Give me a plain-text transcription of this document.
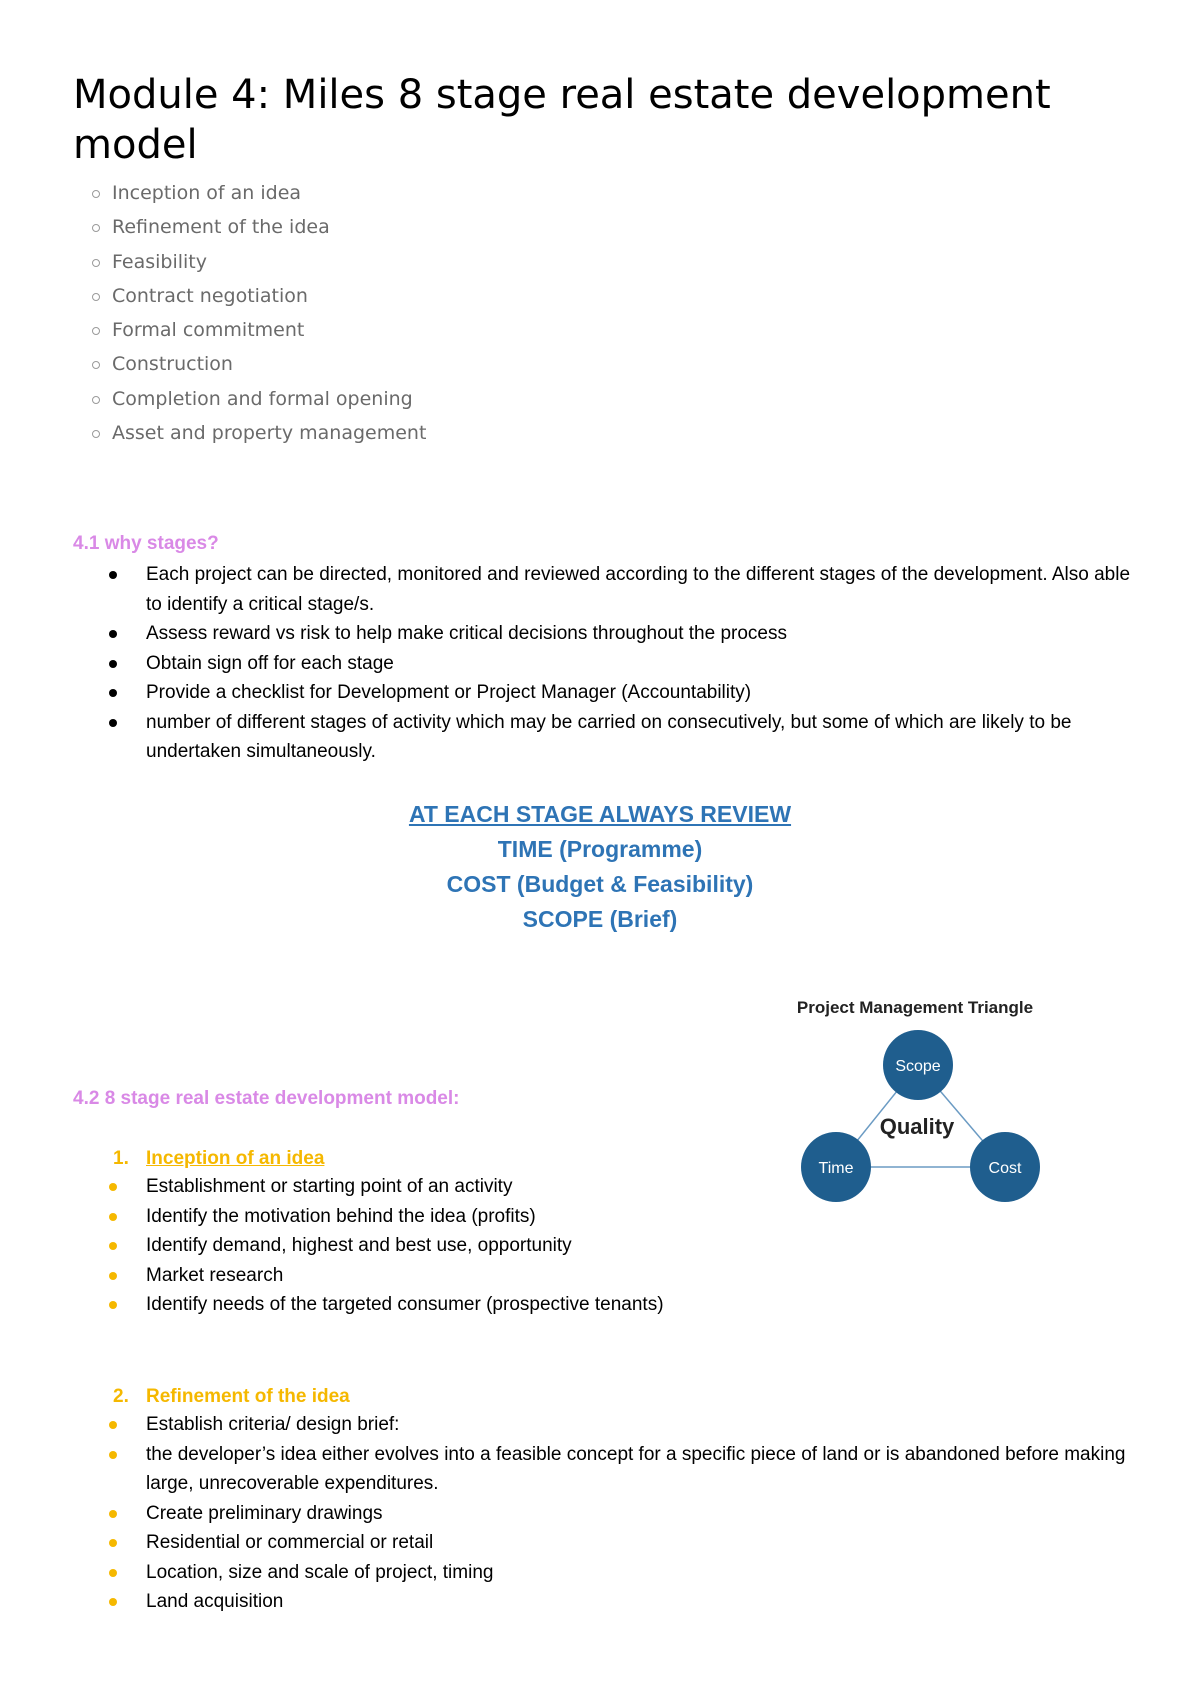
Module 4: Miles 8 stage real estate development model
Inception of an idea
Refinement of the idea
Feasibility
Contract negotiation
Formal commitment
Construction
Completion and formal opening
Asset and property management
4.1 why stages?
Each project can be directed, monitored and reviewed according to the different stages of the development. Also able to identify a critical stage/s.
Assess reward vs risk to help make critical decisions throughout the process
Obtain sign off for each stage
Provide a checklist for Development or Project Manager (Accountability)
number of different stages of activity which may be carried on consecutively, but some of which are likely to be undertaken simultaneously.
AT EACH STAGE ALWAYS REVIEW
TIME (Programme)
COST (Budget & Feasibility)
SCOPE (Brief)
Project Management Triangle
Quality
Scope
Time	Cost
4.2 8 stage real estate development model:
1. Inception of an idea
Establishment or starting point of an activity
Identify the motivation behind the idea (profits)
Identify demand, highest and best use, opportunity
Market research
Identify needs of the targeted consumer (prospective tenants)
2. Refinement of the idea
Establish criteria/ design brief:
the developer’s idea either evolves into a feasible concept for a specific piece of land or is abandoned before making large, unrecoverable expenditures.
Create preliminary drawings
Residential or commercial or retail
Location, size and scale of project, timing
Land acquisition
